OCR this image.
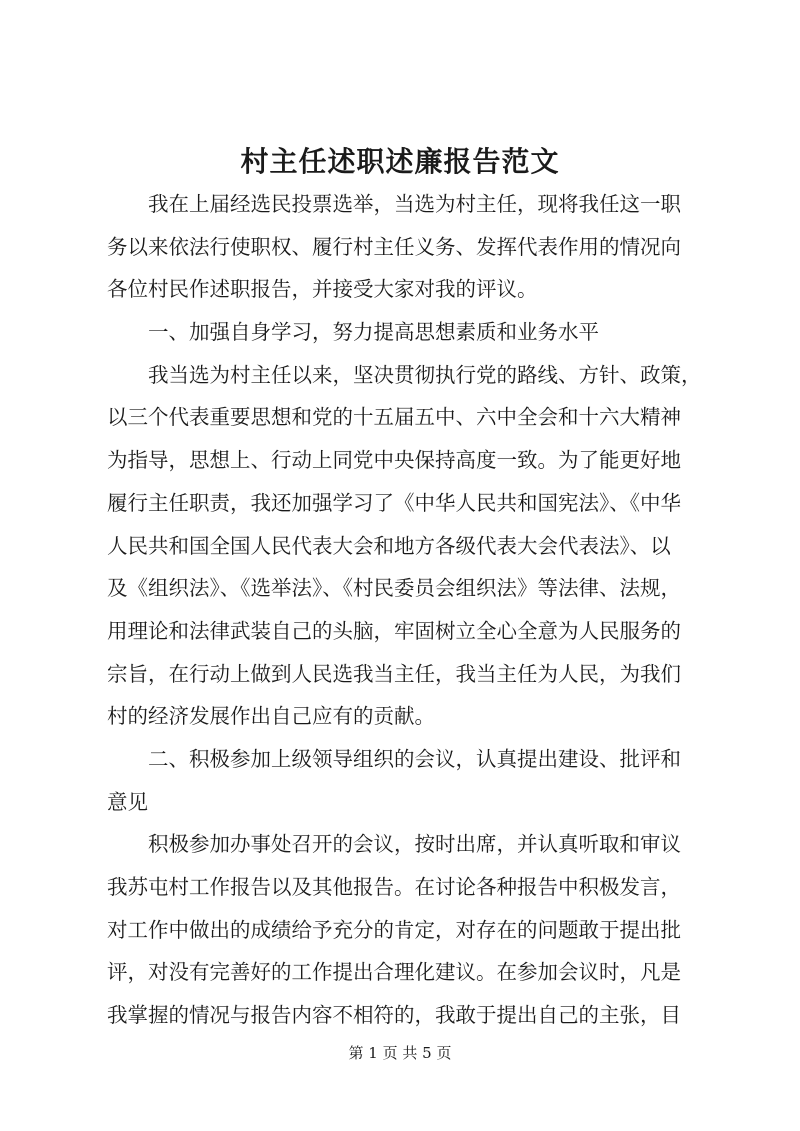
村主任述职述廉报告范文
我在上届经选民投票选举，当选为村主任，现将我任这一职
务以来依法行使职权、履行村主任义务、发挥代表作用的情况向
各位村民作述职报告，并接受大家对我的评议。
一、加强自身学习，努力提高思想素质和业务水平
我当选为村主任以来，坚决贯彻执行党的路线、方针、政策，
以三个代表重要思想和党的十五届五中、六中全会和十六大精神
为指导，思想上、行动上同党中央保持高度一致。为了能更好地
履行主任职责，我还加强学习了《中华人民共和国宪法》、《中华
人民共和国全国人民代表大会和地方各级代表大会代表法》、以
及《组织法》、《选举法》、《村民委员会组织法》等法律、法规，
用理论和法律武装自己的头脑，牢固树立全心全意为人民服务的
宗旨，在行动上做到人民选我当主任，我当主任为人民，为我们
村的经济发展作出自己应有的贡献。
二、积极参加上级领导组织的会议，认真提出建设、批评和
意见
积极参加办事处召开的会议，按时出席，并认真听取和审议
我苏屯村工作报告以及其他报告。在讨论各种报告中积极发言，
对工作中做出的成绩给予充分的肯定，对存在的问题敢于提出批
评，对没有完善好的工作提出合理化建议。在参加会议时，凡是
我掌握的情况与报告内容不相符的，我敢于提出自己的主张，目
第 1 页 共 5 页
